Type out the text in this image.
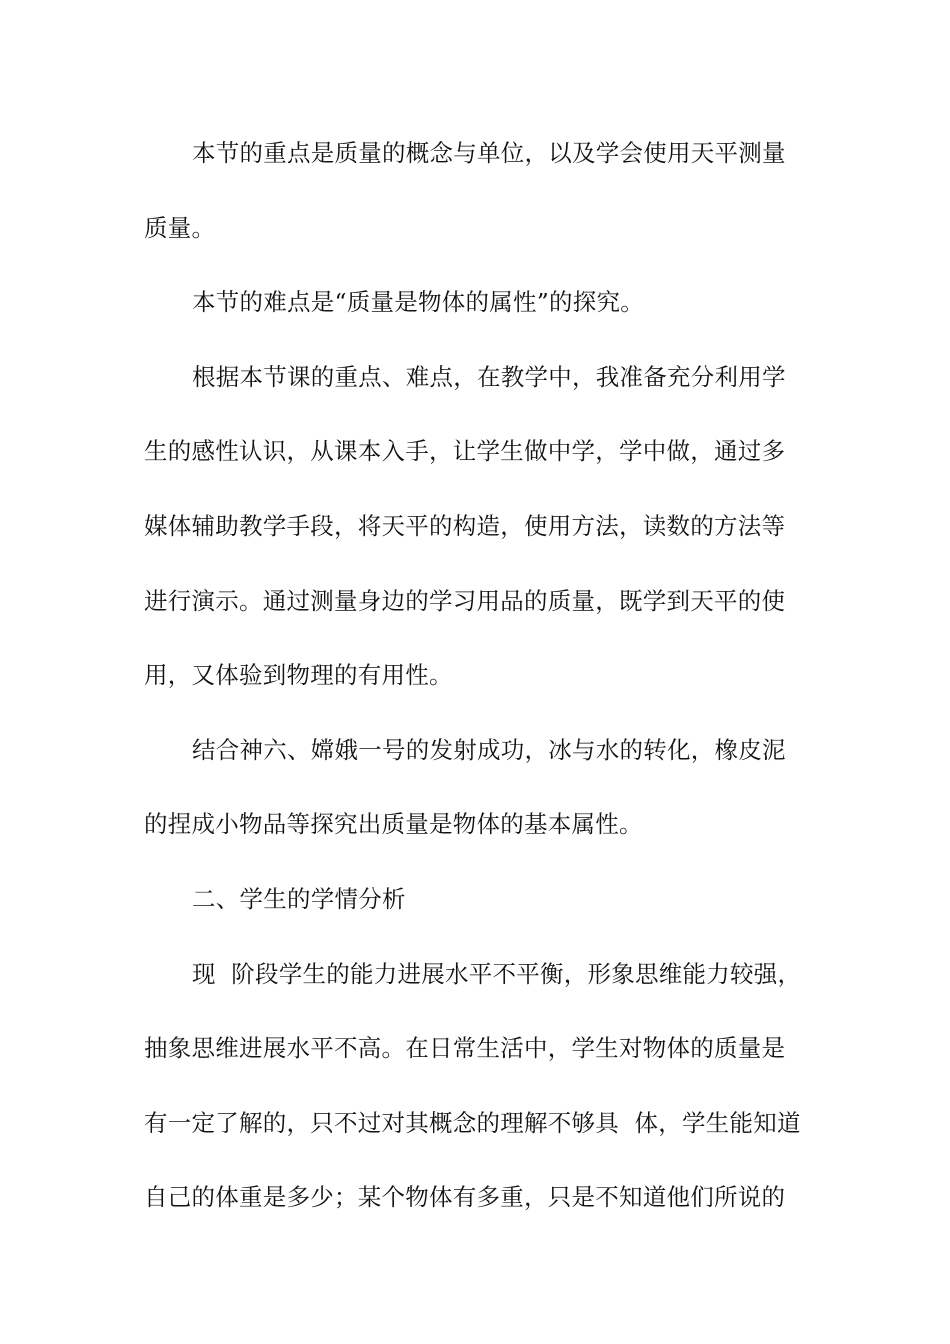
本节的重点是质量的概念与单位，以及学会使用天平测量
质量。
本节的难点是“质量是物体的属性”的探究。
根据本节课的重点、难点，在教学中，我准备充分利用学
生的感性认识，从课本入手，让学生做中学，学中做，通过多
媒体辅助教学手段，将天平的构造，使用方法，读数的方法等
进行演示。通过测量身边的学习用品的质量，既学到天平的使
用，又体验到物理的有用性。
结合神六、嫦娥一号的发射成功，冰与水的转化，橡皮泥
的捏成小物品等探究出质量是物体的基本属性。
二、学生的学情分析
现  阶段学生的能力进展水平不平衡，形象思维能力较强，
抽象思维进展水平不高。在日常生活中，学生对物体的质量是
有一定了解的，只不过对其概念的理解不够具  体，学生能知道
自己的体重是多少；某个物体有多重，只是不知道他们所说的
